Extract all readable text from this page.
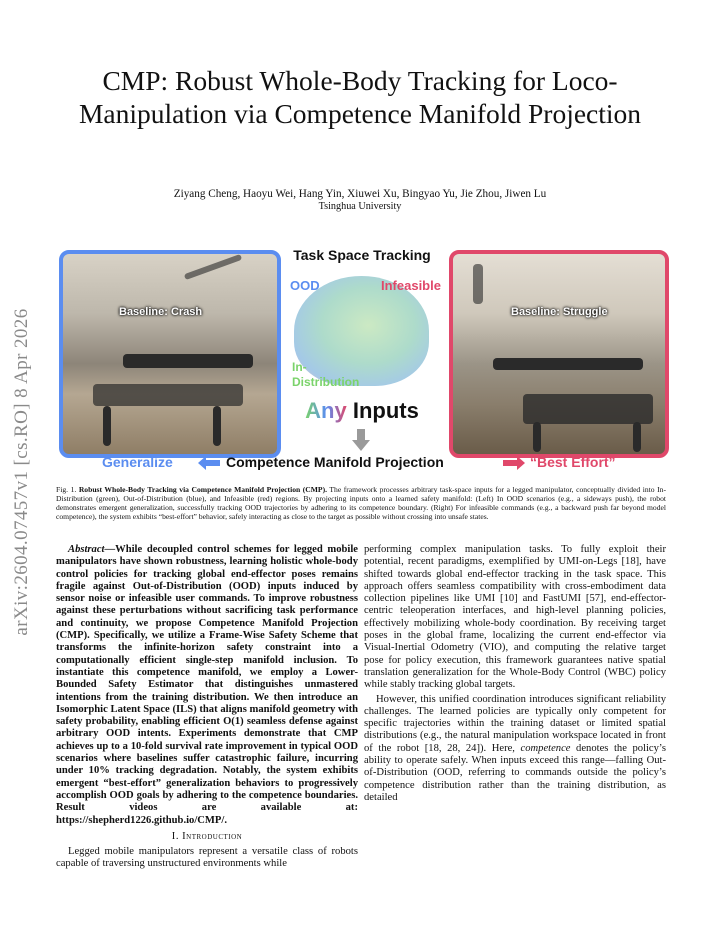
arXiv:2604.07457v1 [cs.RO] 8 Apr 2026
CMP: Robust Whole-Body Tracking for Loco-Manipulation via Competence Manifold Projection
Ziyang Cheng, Haoyu Wei, Hang Yin, Xiuwei Xu, Bingyao Yu, Jie Zhou, Jiwen Lu
Tsinghua University
Baseline: Crash	Baseline: Struggle
Task Space Tracking
OOD	Infeasible
In-
Distribution
Any Inputs
Generalize	Competence Manifold Projection	“Best Effort”
Fig. 1. Robust Whole-Body Tracking via Competence Manifold Projection (CMP). The framework processes arbitrary task-space inputs for a legged manipulator, conceptually divided into In-Distribution (green), Out-of-Distribution (blue), and Infeasible (red) regions. By projecting inputs onto a learned safety manifold: (Left) In OOD scenarios (e.g., a sideways push), the robot demonstrates emergent generalization, successfully tracking OOD trajectories by adhering to its competence boundary. (Right) For infeasible commands (e.g., a backward push far beyond model competence), the system exhibits “best-effort” behavior, safely interacting as close to the target as possible without crossing into unsafe states.

Abstract—While decoupled control schemes for legged mobile manipulators have shown robustness, learning holistic whole-body control policies for tracking global end-effector poses remains fragile against Out-of-Distribution (OOD) inputs induced by sensor noise or infeasible user commands. To improve robustness against these perturbations without sacrificing task performance and continuity, we propose Competence Manifold Projection (CMP). Specifically, we utilize a Frame-Wise Safety Scheme that transforms the infinite-horizon safety constraint into a computationally efficient single-step manifold inclusion. To instantiate this competence manifold, we employ a Lower-Bounded Safety Estimator that distinguishes unmastered intentions from the training distribution. We then introduce an Isomorphic Latent Space (ILS) that aligns manifold geometry with safety probability, enabling efficient O(1) seamless defense against arbitrary OOD intents. Experiments demonstrate that CMP achieves up to a 10-fold survival rate improvement in typical OOD scenarios where baselines suffer catastrophic failure, incurring under 10% tracking degradation. Notably, the system exhibits emergent “best-effort” generalization behaviors to progressively accomplish OOD goals by adhering to the competence boundaries. Result videos are available at: https://shepherd1226.github.io/CMP/.

I. Introduction

Legged mobile manipulators represent a versatile class of robots capable of traversing unstructured environments while

performing complex manipulation tasks. To fully exploit their potential, recent paradigms, exemplified by UMI-on-Legs [18], have shifted towards global end-effector tracking in the task space. This approach offers seamless compatibility with cross-embodiment data collection pipelines like UMI [10] and FastUMI [57], end-effector-centric teleoperation interfaces, and high-level planning policies, effectively mobilizing whole-body coordination. By receiving target poses in the global frame, localizing the current end-effector via Visual-Inertial Odometry (VIO), and computing the relative target pose for policy execution, this framework guarantees native spatial translation generalization for the Whole-Body Control (WBC) policy while stably tracking global targets.

However, this unified coordination introduces significant reliability challenges. The learned policies are typically only competent for specific trajectories within the training dataset or limited spatial distributions (e.g., the natural manipulation workspace located in front of the robot [18, 28, 24]). Here, competence denotes the policy’s ability to operate safely. When inputs exceed this range—falling Out-of-Distribution (OOD, referring to commands outside the policy’s competence distribution rather than the training distribution, as detailed
